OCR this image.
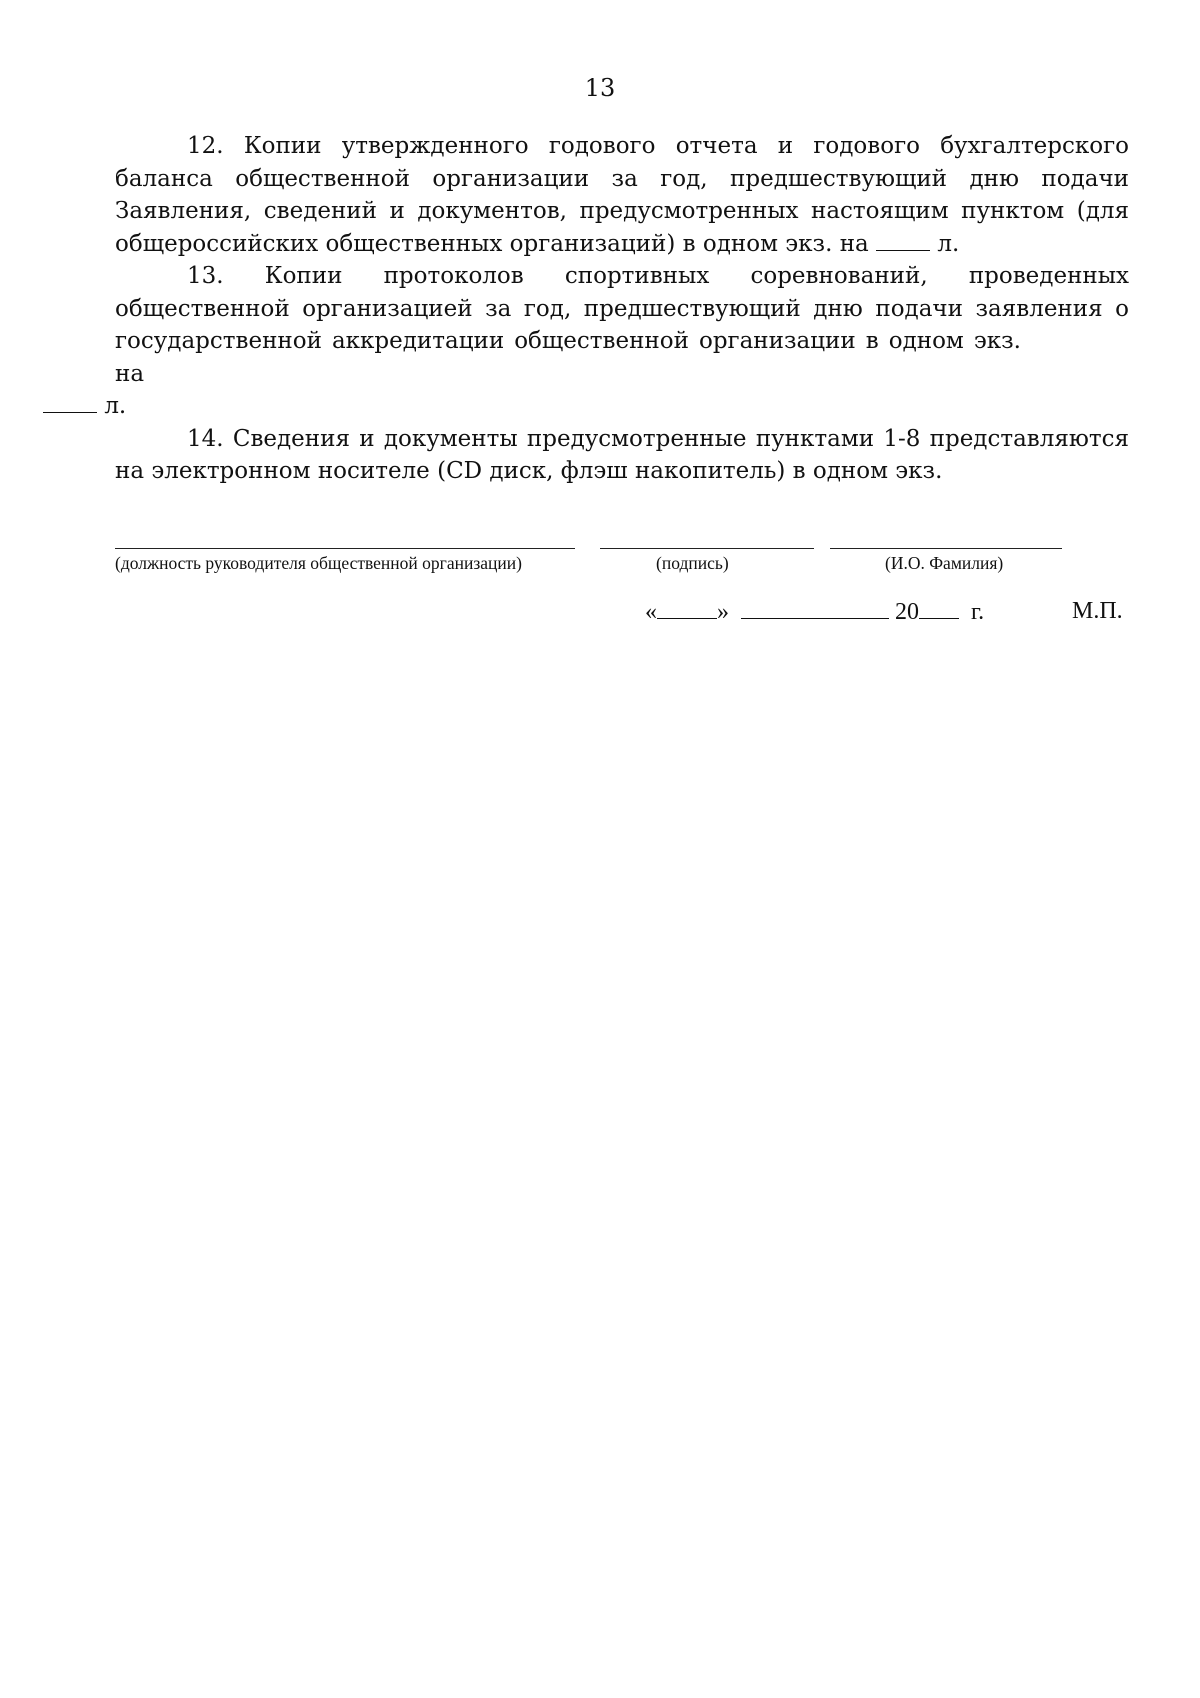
13

12. Копии утвержденного годового отчета и годового бухгалтерского баланса общественной организации за год, предшествующий дню подачи Заявления, сведений и документов, предусмотренных настоящим пунктом (для общероссийских общественных организаций) в одном экз. на	л.

13. Копии протоколов спортивных соревнований, проведенных общественной организацией за год, предшествующий дню подачи заявления о государственной аккредитации общественной организации в одном экз. на
л.

14. Сведения и документы предусмотренные пунктами 1-8 представляются на электронном носителе (CD диск, флэш накопитель) в одном экз.

(должность руководителя общественной организации)	(подпись)	(И.О. Фамилия)
«	»	20 г.	М.П.
